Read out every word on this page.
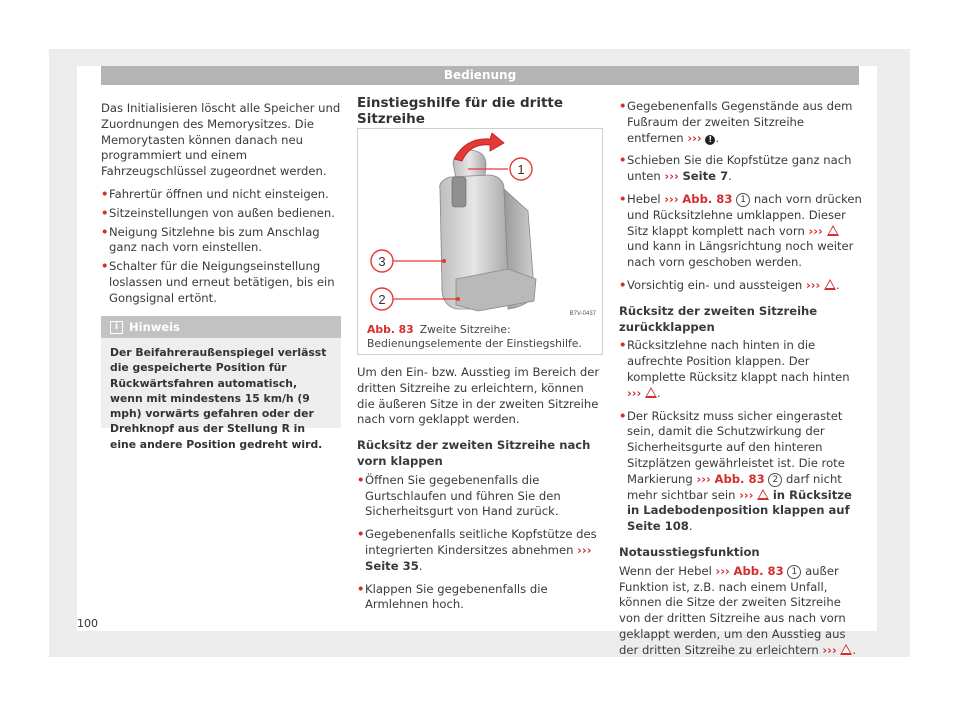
Bedienung

Das Initialisieren löscht alle Speicher und Zuordnungen des Memorysitzes. Die Memorytasten können danach neu programmiert und einem Fahrzeugschlüssel zugeordnet werden.

• Fahrertür öffnen und nicht einsteigen.
• Sitzeinstellungen von außen bedienen.
• Neigung Sitzlehne bis zum Anschlag ganz nach vorn einstellen.
• Schalter für die Neigungseinstellung loslassen und erneut betätigen, bis ein Gongsignal ertönt.
i Hinweis
Der Beifahreraußenspiegel verlässt die gespeicherte Position für Rückwärtsfahren automatisch, wenn mit mindestens 15 km/h (9 mph) vorwärts gefahren oder der Drehknopf aus der Stellung R in eine andere Position gedreht wird.
Einstiegshilfe für die dritte Sitzreihe
1
3
2
B7V-0437
Abb. 83 Zweite Sitzreihe: Bedienungselemente der Einstiegshilfe.

Um den Ein- bzw. Ausstieg im Bereich der dritten Sitzreihe zu erleichtern, können die äußeren Sitze in der zweiten Sitzreihe nach vorn geklappt werden.

Rücksitz der zweiten Sitzreihe nach vorn klappen
• Öffnen Sie gegebenenfalls die Gurtschlaufen und führen Sie den Sicherheitsgurt von Hand zurück.
• Gegebenenfalls seitliche Kopfstütze des integrierten Kindersitzes abnehmen ››› Seite 35.
• Klappen Sie gegebenenfalls die Armlehnen hoch.
• Gegebenenfalls Gegenstände aus dem Fußraum der zweiten Sitzreihe entfernen ››› ! .
• Schieben Sie die Kopfstütze ganz nach unten ››› Seite 7.
• Hebel ››› Abb. 83 1 nach vorn drücken und Rücksitzlehne umklappen. Dieser Sitz klappt komplett nach vorn ›››  und kann in Längsrichtung noch weiter nach vorn geschoben werden.
• Vorsichtig ein- und aussteigen ››› .
Rücksitz der zweiten Sitzreihe zurückklappen
• Rücksitzlehne nach hinten in die aufrechte Position klappen. Der komplette Rücksitz klappt nach hinten ››› .
• Der Rücksitz muss sicher eingerastet sein, damit die Schutzwirkung der Sicherheitsgurte auf den hinteren Sitzplätzen gewährleistet ist. Die rote Markierung ››› Abb. 83 2 darf nicht mehr sichtbar sein ››› in Rücksitze in Ladebodenposition klappen auf Seite 108.
Notausstiegsfunktion
Wenn der Hebel ››› Abb. 83 1 außer Funktion ist, z.B. nach einem Unfall, können die Sitze der zweiten Sitzreihe von der dritten Sitzreihe aus nach vorn geklappt werden, um den Ausstieg aus der dritten Sitzreihe zu erleichtern ››› .
100
